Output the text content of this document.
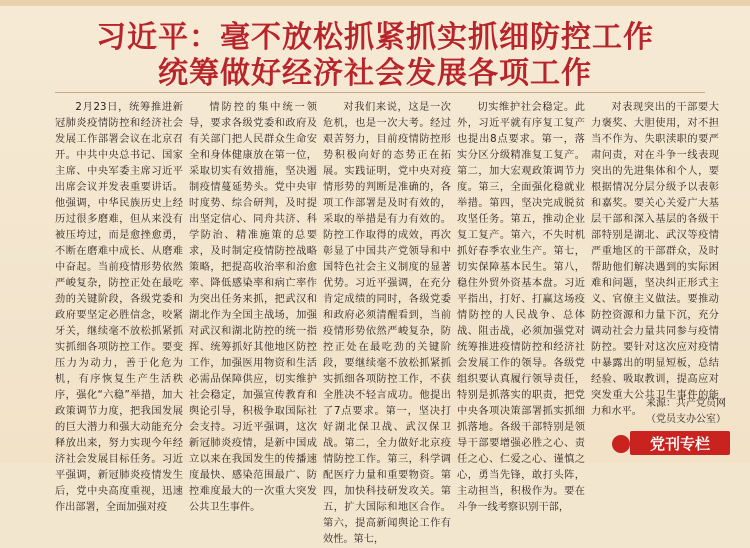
习近平：毫不放松抓紧抓实抓细防控工作
统筹做好经济社会发展各项工作

2月23日，统筹推进新冠肺炎疫情防控和经济社会发展工作部署会议在北京召开。中共中央总书记、国家主席、中央军委主席习近平出席会议并发表重要讲话。他强调，中华民族历史上经历过很多磨难，但从来没有被压垮过，而是愈挫愈勇，不断在磨难中成长、从磨难中奋起。当前疫情形势依然严峻复杂，防控正处在最吃劲的关键阶段，各级党委和政府要坚定必胜信念，咬紧牙关，继续毫不放松抓紧抓实抓细各项防控工作。要变压力为动力，善于化危为机，有序恢复生产生活秩序，强化“六稳”举措，加大政策调节力度，把我国发展的巨大潜力和强大动能充分释放出来，努力实现今年经济社会发展目标任务。习近平强调，新冠肺炎疫情发生后，党中央高度重视，迅速作出部署，全面加强对疫

情防控的集中统一领导，要求各级党委和政府及有关部门把人民群众生命安全和身体健康放在第一位，采取切实有效措施，坚决遏制疫情蔓延势头。党中央审时度势、综合研判，及时提出坚定信心、同舟共济、科学防治、精准施策的总要求，及时制定疫情防控战略策略，把提高收治率和治愈率、降低感染率和病亡率作为突出任务来抓，把武汉和湖北作为全国主战场，加强对武汉和湖北防控的统一指挥、统筹抓好其他地区防控工作，加强医用物资和生活必需品保障供应，切实维护社会稳定，加强宣传教育和舆论引导，积极争取国际社会支持。习近平强调，这次新冠肺炎疫情，是新中国成立以来在我国发生的传播速度最快、感染范围最广、防控难度最大的一次重大突发公共卫生事件。

对我们来说，这是一次危机，也是一次大考。经过艰苦努力，目前疫情防控形势积极向好的态势正在拓展。实践证明，党中央对疫情形势的判断是准确的，各项工作部署是及时有效的，采取的举措是有力有效的。防控工作取得的成效，再次彰显了中国共产党领导和中国特色社会主义制度的显著优势。习近平强调，在充分肯定成绩的同时，各级党委和政府必须清醒看到，当前疫情形势依然严峻复杂，防控正处在最吃劲的关键阶段，要继续毫不放松抓紧抓实抓细各项防控工作，不获全胜决不轻言成功。他提出了7点要求。第一，坚决打好湖北保卫战、武汉保卫战。第二，全力做好北京疫情防控工作。第三，科学调配医疗力量和重要物资。第四，加快科技研发攻关。第五，扩大国际和地区合作。第六，提高新闻舆论工作有效性。第七，

切实维护社会稳定。此外，习近平就有序复工复产也提出8点要求。第一，落实分区分级精准复工复产。第二，加大宏观政策调节力度。第三，全面强化稳就业举措。第四，坚决完成脱贫攻坚任务。第五，推动企业复工复产。第六，不失时机抓好春季农业生产。第七，切实保障基本民生。第八，稳住外贸外资基本盘。习近平指出，打好、打赢这场疫情防控的人民战争、总体战、阻击战，必须加强党对统筹推进疫情防控和经济社会发展工作的领导。各级党组织要认真履行领导责任，特别是抓落实的职责，把党中央各项决策部署抓实抓细抓落地。各级干部特别是领导干部要增强必胜之心、责任之心、仁爱之心、谨慎之心，勇当先锋，敢打头阵，主动担当，积极作为。要在斗争一线考察识别干部，

对表现突出的干部要大力褒奖、大胆使用，对不担当不作为、失职渎职的要严肃问责，对在斗争一线表现突出的先进集体和个人，要根据情况分层分级予以表彰和嘉奖。要关心关爱广大基层干部和深入基层的各级干部特别是湖北、武汉等疫情严重地区的干部群众，及时帮助他们解决遇到的实际困难和问题，坚决纠正形式主义、官僚主义做法。要推动防控资源和力量下沉，充分调动社会力量共同参与疫情防控。要针对这次应对疫情中暴露出的明显短板，总结经验、吸取教训，提高应对突发重大公共卫生事件的能力和水平。

来源：共产党员网
（党员支办公室）
党刊专栏
